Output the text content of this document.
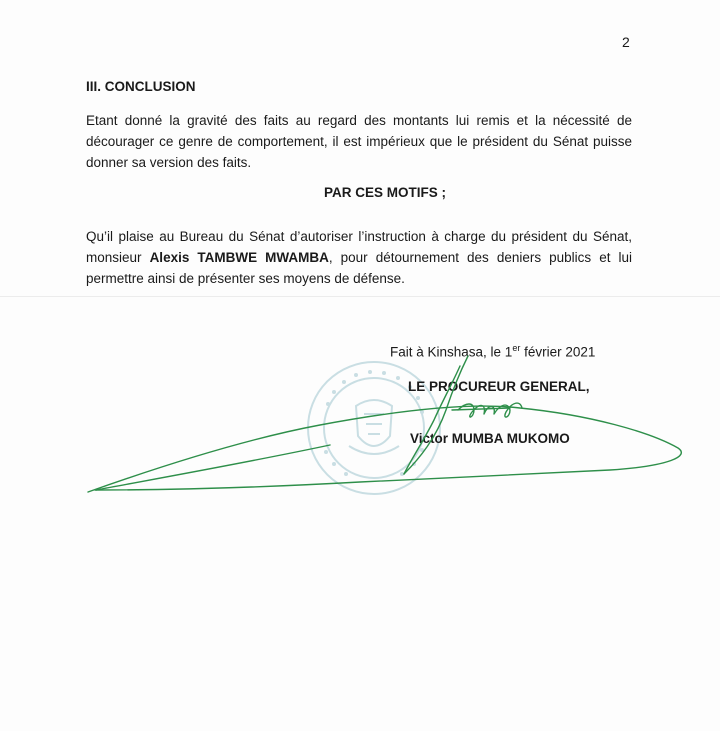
2
III. CONCLUSION

Etant donné la gravité des faits au regard des montants lui remis et la nécessité de décourager ce genre de comportement, il est impérieux que le président du Sénat puisse donner sa version des faits.

PAR CES MOTIFS ;

Qu’il plaise au Bureau du Sénat d’autoriser l’instruction à charge du président du Sénat, monsieur Alexis TAMBWE MWAMBA, pour détournement des deniers publics et lui permettre ainsi de présenter ses moyens de défense.

Fait à Kinshasa, le 1er février 2021
LE PROCUREUR GENERAL,
Victor MUMBA MUKOMO
